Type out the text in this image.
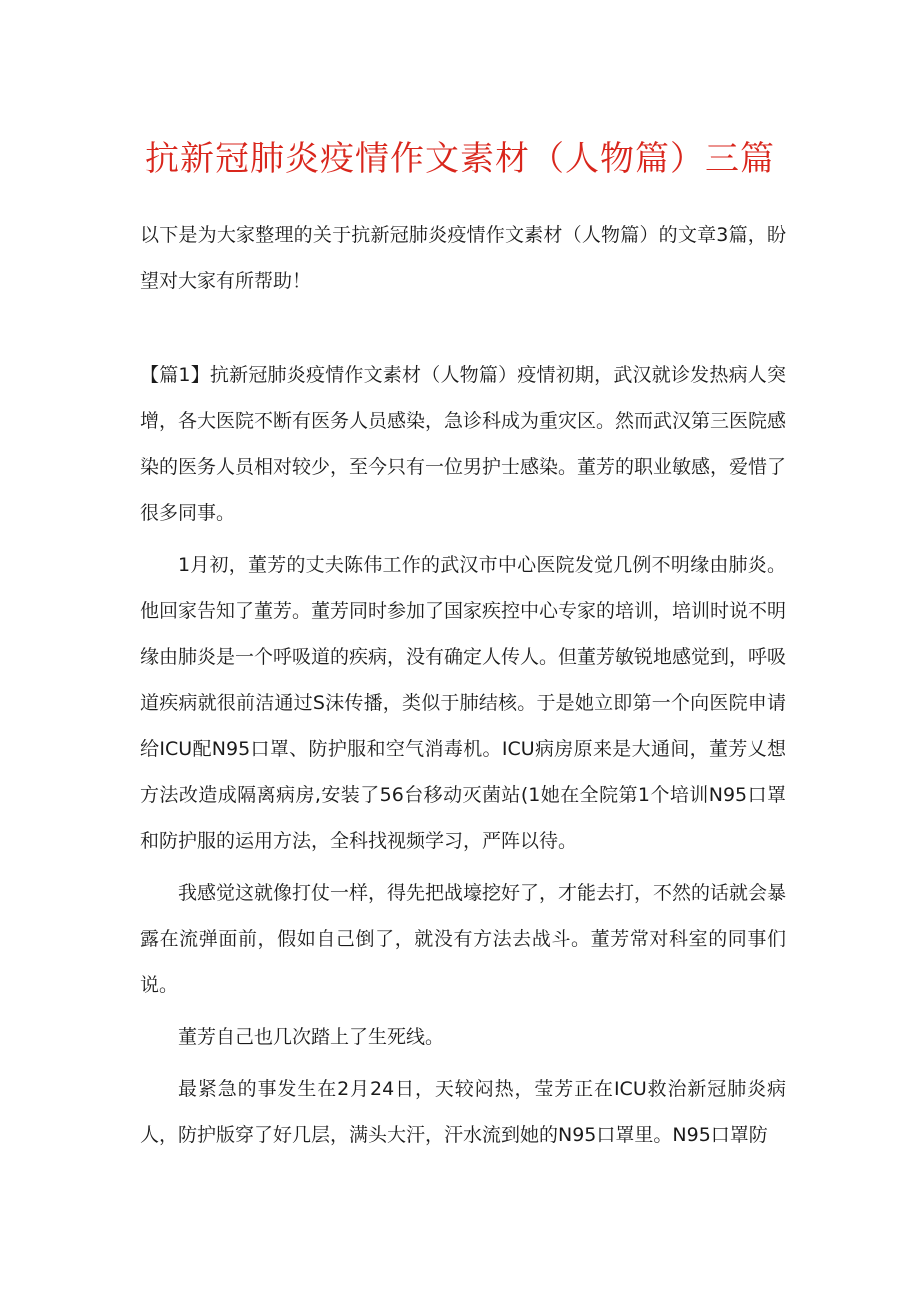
抗新冠肺炎疫情作文素材（人物篇）三篇

以下是为大家整理的关于抗新冠肺炎疫情作文素材（人物篇）的文章3篇，盼望对大家有所帮助！

【篇1】抗新冠肺炎疫情作文素材（人物篇）疫情初期，武汉就诊发热病人突增，各大医院不断有医务人员感染，急诊科成为重灾区。然而武汉第三医院感染的医务人员相对较少，至今只有一位男护士感染。董芳的职业敏感，爱惜了很多同事。

1月初，董芳的丈夫陈伟工作的武汉市中心医院发觉几例不明缘由肺炎。他回家告知了董芳。董芳同时参加了国家疾控中心专家的培训，培训时说不明缘由肺炎是一个呼吸道的疾病，没有确定人传人。但董芳敏锐地感觉到，呼吸道疾病就很前洁通过S沫传播，类似于肺结核。于是她立即第一个向医院申请给ICU配N95口罩、防护服和空气消毒机。ICU病房原来是大通间，董芳乂想方法改造成隔离病房,安装了56台移动灭菌站(1她在全院第1个培训N95口罩和防护服的运用方法，全科找视频学习，严阵以待。

我感觉这就像打仗一样，得先把战壕挖好了，才能去打，不然的话就会暴露在流弹面前，假如自己倒了，就没有方法去战斗。董芳常对科室的同事们说。

董芳自己也几次踏上了生死线。

最紧急的事发生在2月24日，天较闷热，莹芳正在ICU救治新冠肺炎病人，防护版穿了好几层，满头大汗，汗水流到她的N95口罩里。N95口罩防
